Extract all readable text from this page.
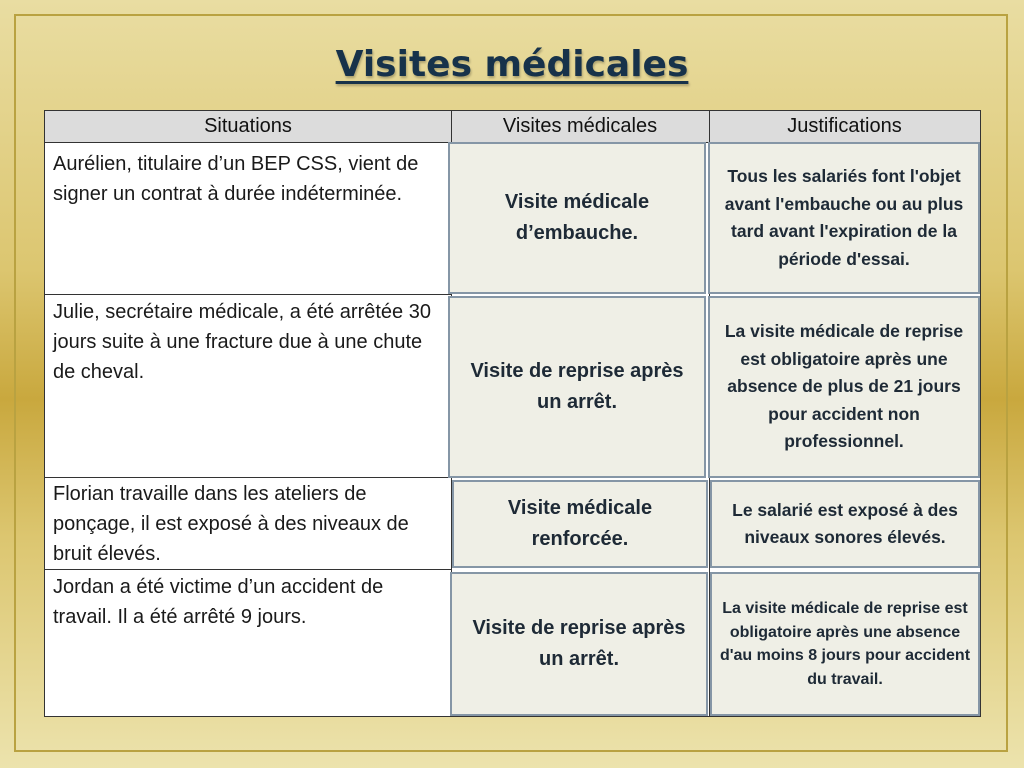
Visites médicales
Situations	Visites médicales	Justifications
Aurélien, titulaire d’un BEP CSS, vient de signer un contrat à durée indéterminée.
Julie, secrétaire médicale, a été arrêtée 30 jours suite à une fracture due à une chute de cheval.
Florian travaille dans les ateliers de ponçage, il est exposé à des niveaux de bruit élevés.
Jordan a été victime d’un accident de travail. Il a été arrêté 9 jours.
Visite médicale d’embauche.
Visite de reprise après un arrêt.
Visite médicale renforcée.
Visite de reprise après un arrêt.
Tous les salariés font l'objet avant l'embauche ou au plus tard avant l'expiration de la période d'essai.
La visite médicale de reprise est obligatoire après une absence de plus de 21 jours pour accident non professionnel.
Le salarié est exposé à des niveaux sonores élevés.
La visite médicale de reprise est obligatoire après une absence d'au moins 8 jours pour accident du travail.
